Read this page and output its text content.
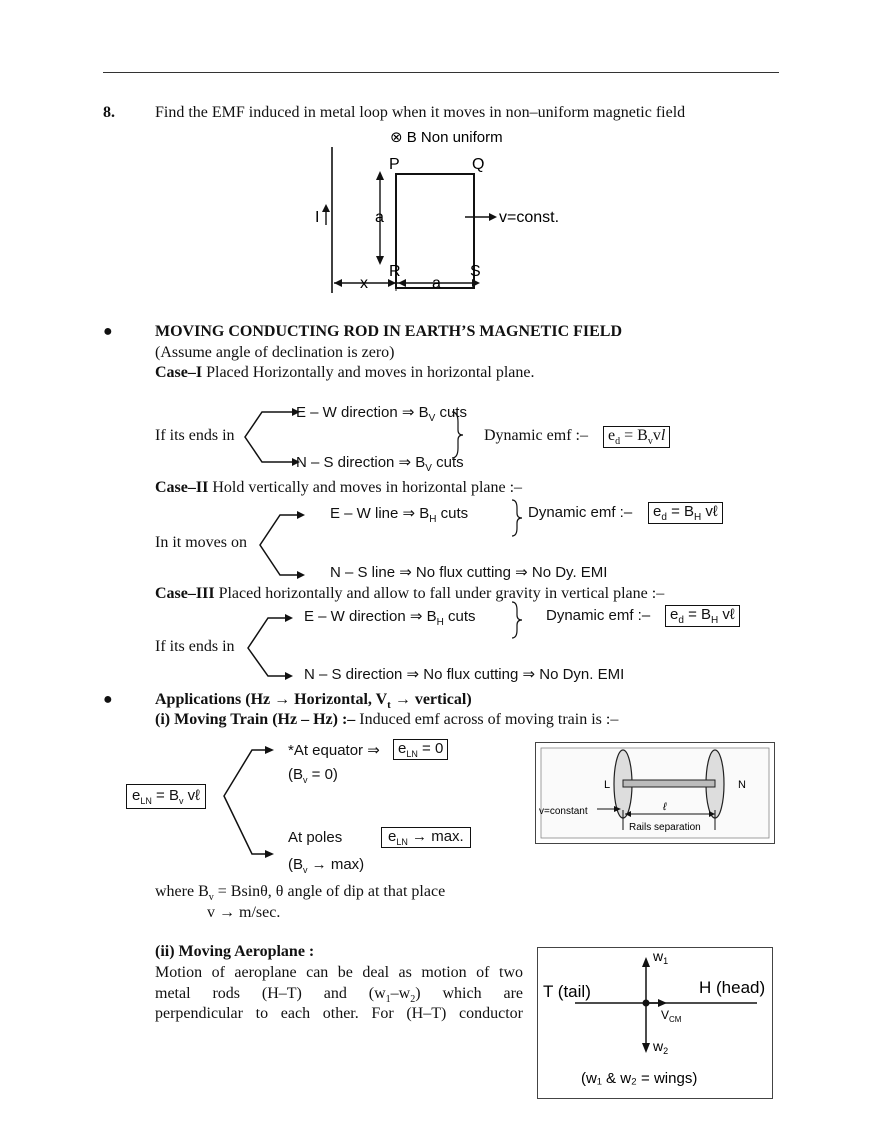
8.	Find the EMF induced in metal loop when it moves in non–uniform magnetic field
⊗ B Non uniform
P	Q
R	S
I	a	v=const.
x	a
●	MOVING CONDUCTING ROD IN EARTH’S MAGNETIC FIELD
(Assume angle of declination is zero)
Case–I Placed Horizontally and moves in horizontal plane.
If its ends in
E – W direction ⇒ $B_V$ cuts
N – S direction ⇒ $B_V$ cuts
Dynamic emf :–	$e_d = B_vvl$
Case–II Hold vertically and moves in horizontal plane :–
In it moves on
E – W line ⇒ $B_H$ cuts	Dynamic emf :–	$e_d = B_H$ vℓ
N – S line ⇒ No flux cutting ⇒ No Dy. EMI
Case–III Placed horizontally and allow to fall under gravity in vertical plane :–
If its ends in
E – W direction ⇒ $B_H$ cuts	Dynamic emf :–	$e_d = B_H$ vℓ
N – S direction ⇒ No flux cutting ⇒ No Dyn. EMI
●	Applications (Hz → Horizontal, $V_t$ → vertical)
(i) Moving Train (Hz – Hz) :– Induced emf across of moving train is :–
$e_{LN} = B_v$ vℓ
*At equator ⇒	$e_{LN} = 0$
$(B_v = 0)$
At poles	$e_{LN} \to \max$.
$(B_v \to \max)$
L	N
v=constant	ℓ
Rails separation
where $B_v = Bsin\theta$, θ angle of dip at that place
v → m/sec.
(ii) Moving Aeroplane :
Motion of aeroplane can be deal as motion of two
metal rods (H–T) and $(w_1-w_2)$ which are
perpendicular to each other. For (H–T) conductor
$w_1$
T (tail)	H (head)
$V_{CM}$
$w_2$
(w₁ & w₂ = wings)
